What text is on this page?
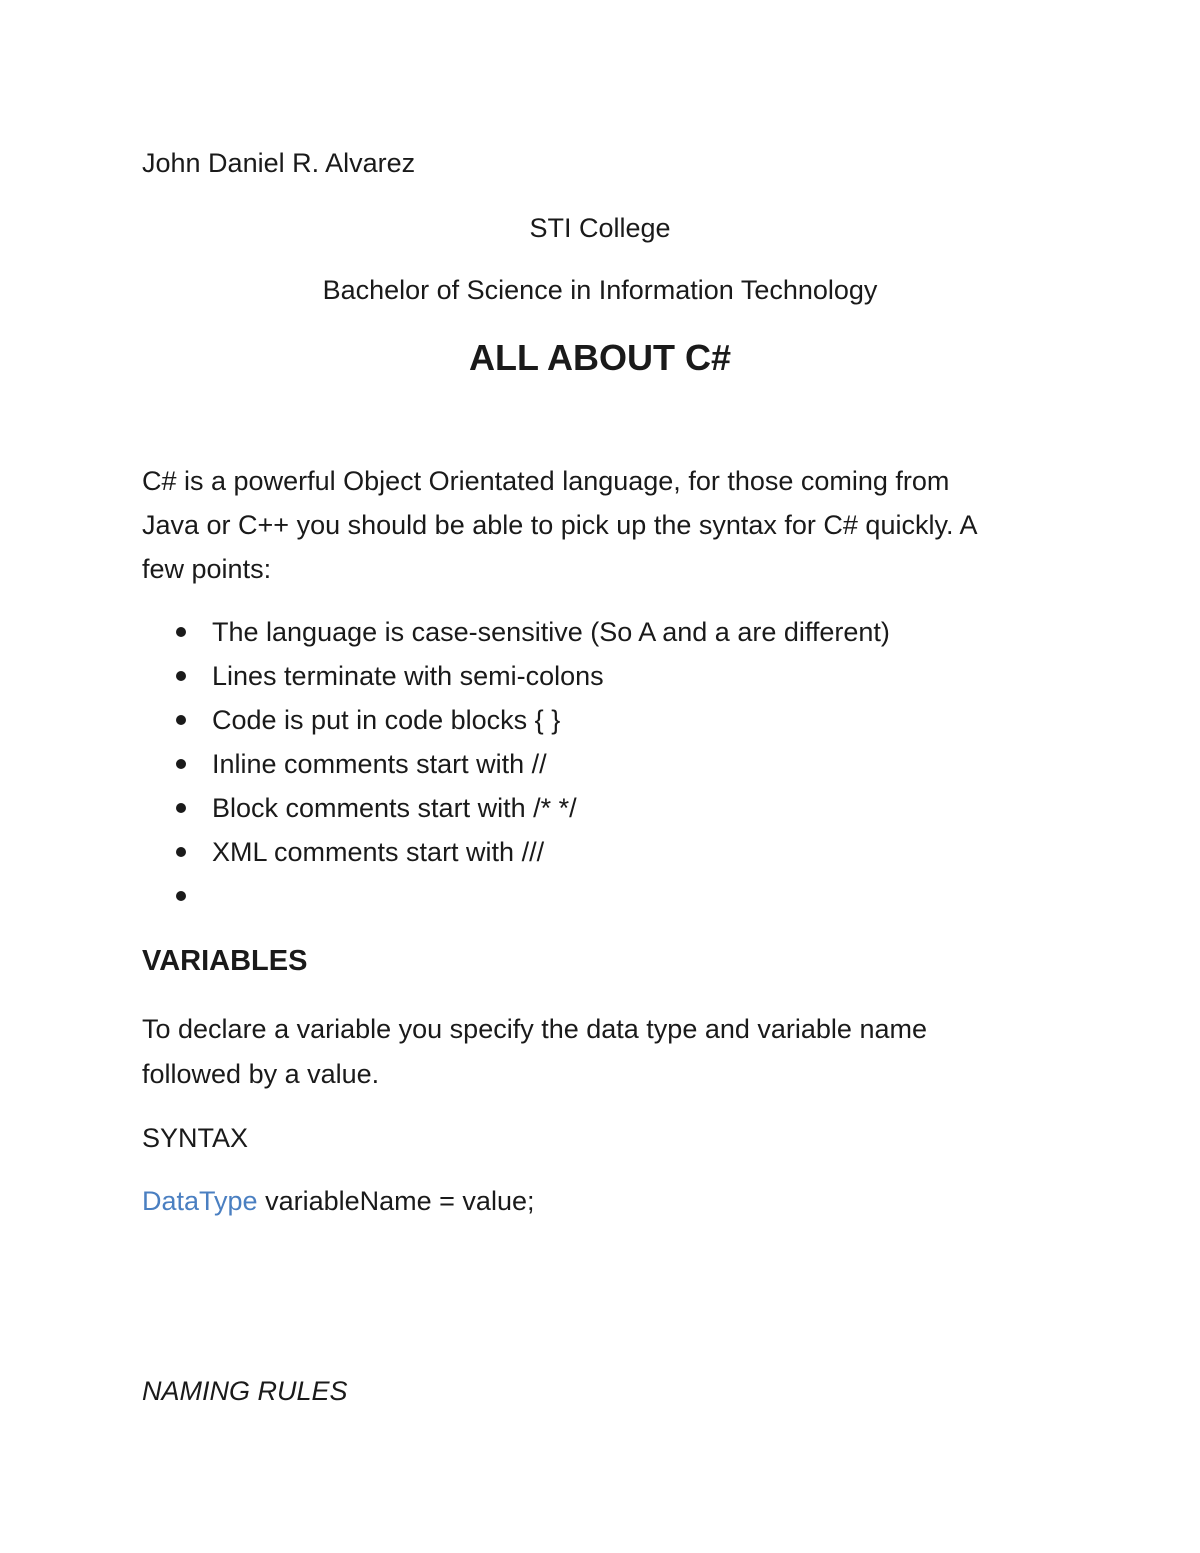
John Daniel R. Alvarez

STI College

Bachelor of Science in Information Technology

ALL ABOUT C#

C# is a powerful Object Orientated language, for those coming from

Java or C++ you should be able to pick up the syntax for C# quickly. A

few points:

The language is case-sensitive (So A and a are different)
Lines terminate with semi-colons
Code is put in code blocks { }
Inline comments start with //
Block comments start with /* */
XML comments start with ///
VARIABLES

To declare a variable you specify the data type and variable name

followed by a value.

SYNTAX

DataType variableName = value;

NAMING RULES
